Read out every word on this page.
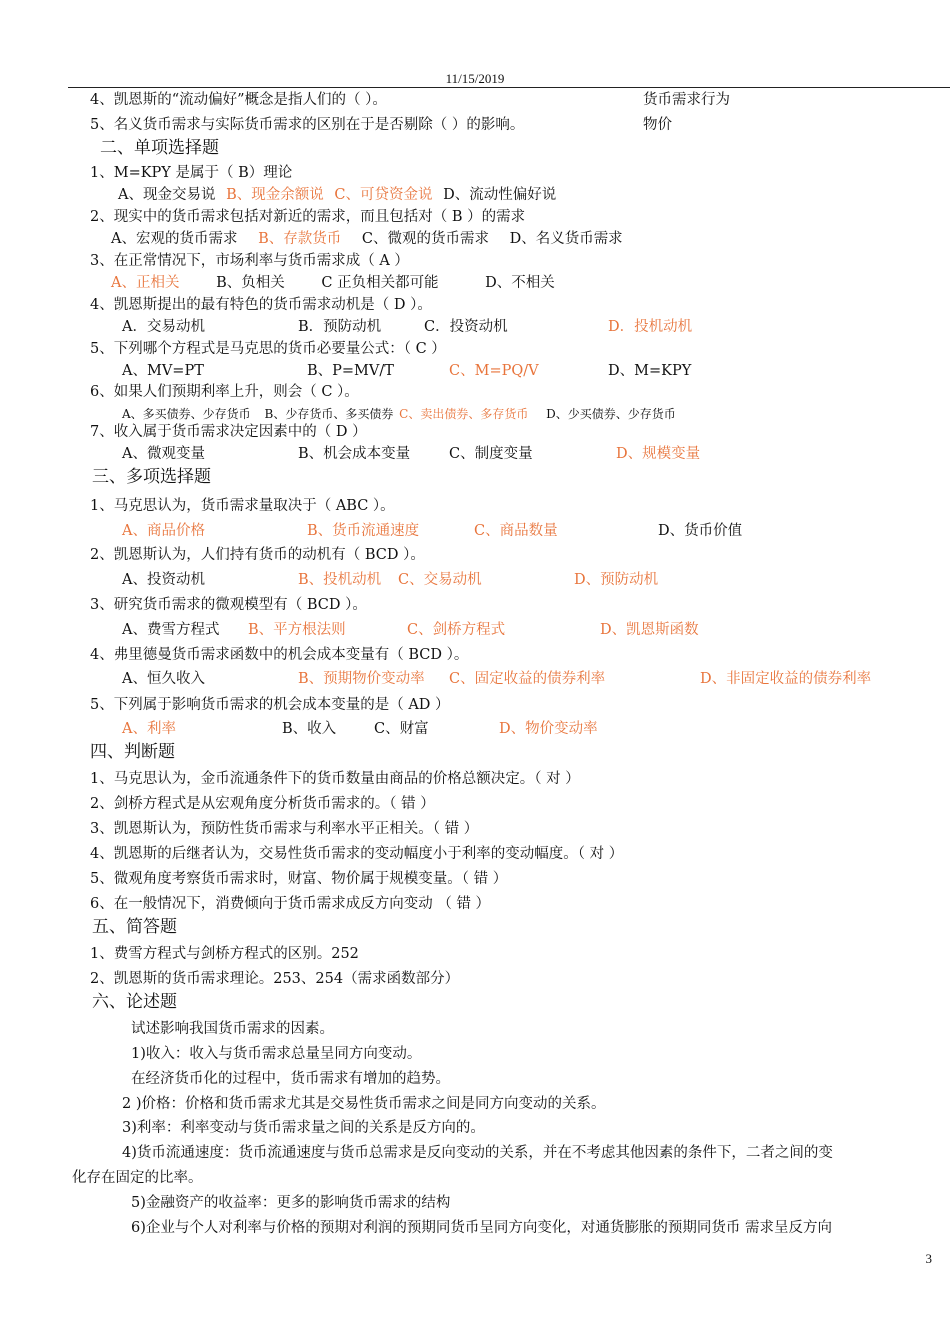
11/15/2019
4、凯恩斯的“流动偏好”概念是指人们的（ ）。	货币需求行为
5、名义货币需求与实际货币需求的区别在于是否剔除（ ）的影响。	物价
二、单项选择题
1、M=KPY 是属于（ B）理论
A、现金交易说 B、现金余额说 C、可贷资金说 D、流动性偏好说
2、现实中的货币需求包括对新近的需求，而且包括对（ B ）的需求
A、宏观的货币需求 B、存款货币 C、微观的货币需求 D、名义货币需求
3、在正常情况下，市场利率与货币需求成（ A ）
A、正相关	B、负相关	C 正负相关都可能	D、不相关
4、凯恩斯提出的最有特色的货币需求动机是（ D ）。
A．交易动机	B．预防动机	C．投资动机	D．投机动机
5、下列哪个方程式是马克思的货币必要量公式：（ C ）
A、MV=PT	B、P=MV/T	C、M=PQ/V	D、M=KPY
6、如果人们预期利率上升，则会（ C ）。
A、多买债券、少存货币 B、少存货币、多买债券 C、卖出债券、多存货币 D、少买债券、少存货币
7、收入属于货币需求决定因素中的（ D ）
A、微观变量	B、机会成本变量	C、制度变量	D、规模变量
三、多项选择题
1、马克思认为，货币需求量取决于（ ABC ）。
A、商品价格	B、货币流通速度	C、商品数量	D、货币价值
2、凯恩斯认为，人们持有货币的动机有（ BCD ）。
A、投资动机	B、投机动机 C、交易动机	D、预防动机
3、研究货币需求的微观模型有（ BCD ）。
A、费雪方程式 B、平方根法则	C、剑桥方程式	D、凯恩斯函数
4、弗里德曼货币需求函数中的机会成本变量有（ BCD ）。
A、恒久收入	B、预期物价变动率 C、固定收益的债券利率	D、非固定收益的债券利率
5、下列属于影响货币需求的机会成本变量的是（ AD ）
A、利率	B、收入	C、财富	D、物价变动率
四、判断题
1、马克思认为，金币流通条件下的货币数量由商品的价格总额决定。（ 对 ）
2、剑桥方程式是从宏观角度分析货币需求的。（ 错 ）
3、凯恩斯认为，预防性货币需求与利率水平正相关。（ 错 ）
4、凯恩斯的后继者认为，交易性货币需求的变动幅度小于利率的变动幅度。（ 对 ）
5、微观角度考察货币需求时，财富、物价属于规模变量。（ 错 ）
6、在一般情况下，消费倾向于货币需求成反方向变动 （ 错 ）
五、简答题
1、费雪方程式与剑桥方程式的区别。252
2、凯恩斯的货币需求理论。253、254（需求函数部分）
六、论述题
试述影响我国货币需求的因素。
1)收入：收入与货币需求总量呈同方向变动。
在经济货币化的过程中，货币需求有增加的趋势。
2 )价格：价格和货币需求尤其是交易性货币需求之间是同方向变动的关系。
3)利率：利率变动与货币需求量之间的关系是反方向的。
4)货币流通速度：货币流通速度与货币总需求是反向变动的关系，并在不考虑其他因素的条件下，二者之间的变
化存在固定的比率。
5)金融资产的收益率：更多的影响货币需求的结构
6)企业与个人对利率与价格的预期对利润的预期同货币呈同方向变化，对通货膨胀的预期同货币 需求呈反方向
3
